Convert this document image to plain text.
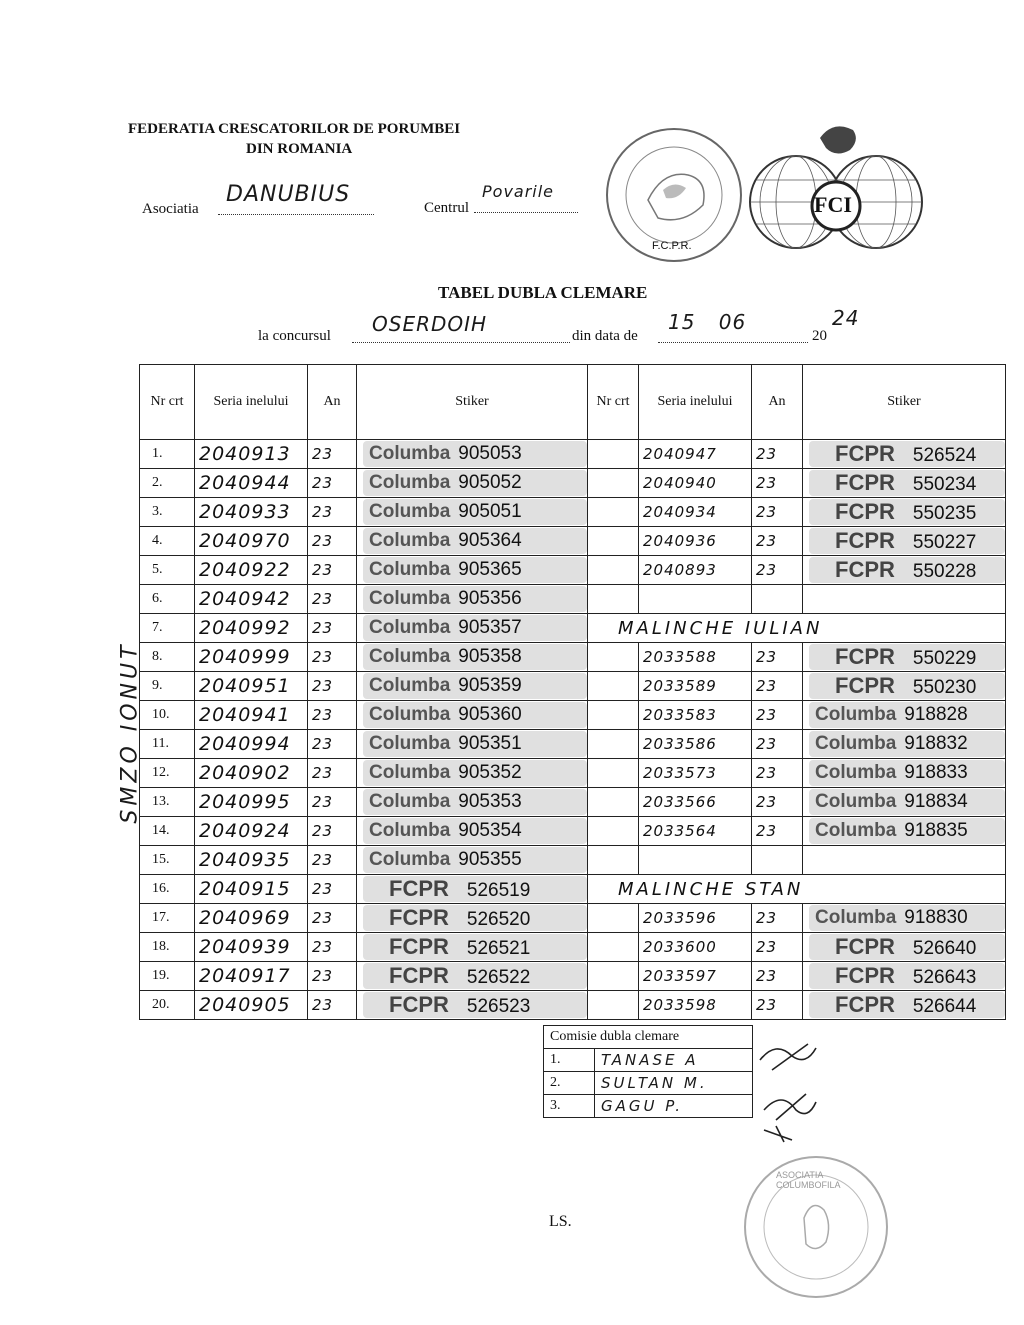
FEDERATIA CRESCATORILOR DE PORUMBEI
DIN ROMANIA
Asociatia
DANUBIUS
Centrul
Povarile
F.C.P.R.
FCI
TABEL DUBLA CLEMARE
la concursul OSERDOIH	din data de
15 06
20
24
SMZO IONUT
Nr crt	Seria inelului	An	Stiker	Nr crt	Seria inelului	An	Stiker
1.	2040913	23	Columba 905053		2040947	23	FCPR 526524
2.	2040944	23	Columba 905052		2040940	23	FCPR 550234
3.	2040933	23	Columba 905051		2040934	23	FCPR 550235
4.	2040970	23	Columba 905364		2040936	23	FCPR 550227
5.	2040922	23	Columba 905365		2040893	23	FCPR 550228
6.	2040942	23	Columba 905356				
7.	2040992	23	Columba 905357	MALINCHE IULIAN			
8.	2040999	23	Columba 905358		2033588	23	FCPR 550229
9.	2040951	23	Columba 905359		2033589	23	FCPR 550230
10.	2040941	23	Columba 905360		2033583	23	Columba 918828
11.	2040994	23	Columba 905351		2033586	23	Columba 918832
12.	2040902	23	Columba 905352		2033573	23	Columba 918833
13.	2040995	23	Columba 905353		2033566	23	Columba 918834
14.	2040924	23	Columba 905354		2033564	23	Columba 918835
15.	2040935	23	Columba 905355				
16.	2040915	23	FCPR 526519	MALINCHE STAN			
17.	2040969	23	FCPR 526520		2033596	23	Columba 918830
18.	2040939	23	FCPR 526521		2033600	23	FCPR 526640
19.	2040917	23	FCPR 526522		2033597	23	FCPR 526643
20.	2040905	23	FCPR 526523		2033598	23	FCPR 526644
Comisie dubla clemare	
1.	TANASE A
2.	SULTAN M.
3.	GAGU P.
LS.
ASOCIATIA COLUMBOFILA
